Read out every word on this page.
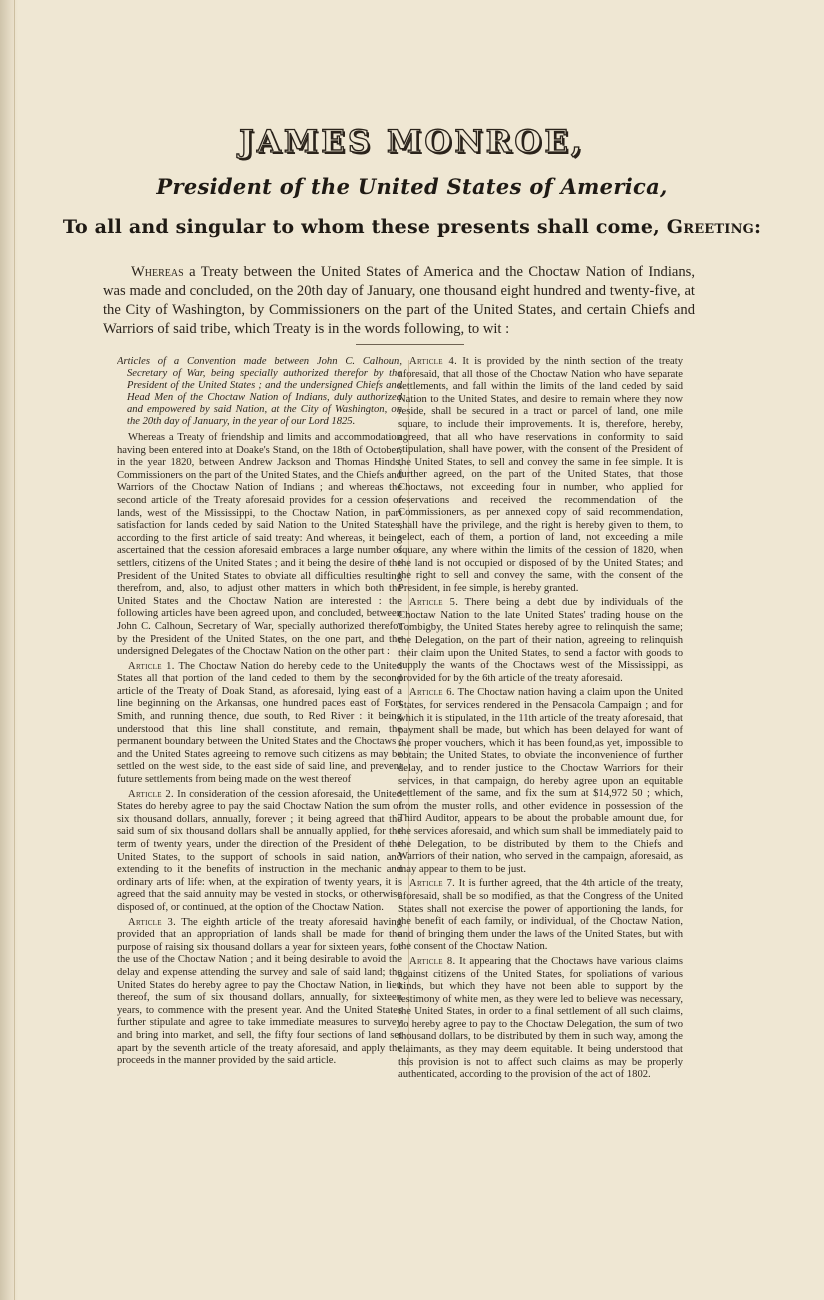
JAMES MONROE,
President of the United States of America,
To all and singular to whom these presents shall come, Greeting:

Whereas a Treaty between the United States of America and the Choctaw Nation of Indians, was made and concluded, on the 20th day of January, one thousand eight hundred and twenty-five, at the City of Washington, by Commissioners on the part of the United States, and certain Chiefs and Warriors of said tribe, which Treaty is in the words following, to wit :

Articles of a Convention made between John C. Calhoun, Secretary of War, being specially authorized therefor by the President of the United States ; and the undersigned Chiefs and Head Men of the Choctaw Nation of Indians, duly authorized and empowered by said Nation, at the City of Washington, on the 20th day of January, in the year of our Lord 1825.

Whereas a Treaty of friendship and limits and accommodation having been entered into at Doake's Stand, on the 18th of October, in the year 1820, between Andrew Jackson and Thomas Hinds, Commissioners on the part of the United States, and the Chiefs and Warriors of the Choctaw Nation of Indians ; and whereas the second article of the Treaty aforesaid provides for a cession of lands, west of the Mississippi, to the Choctaw Nation, in part satisfaction for lands ceded by said Nation to the United States, according to the first article of said treaty: And whereas, it being ascertained that the cession aforesaid embraces a large number of settlers, citizens of the United States ; and it being the desire of the President of the United States to obviate all difficulties resulting therefrom, and, also, to adjust other matters in which both the United States and the Choctaw Nation are interested : the following articles have been agreed upon, and concluded, between John C. Calhoun, Secretary of War, specially authorized therefor by the President of the United States, on the one part, and the undersigned Delegates of the Choctaw Nation on the other part :

Article 1. The Choctaw Nation do hereby cede to the United States all that portion of the land ceded to them by the second article of the Treaty of Doak Stand, as aforesaid, lying east of a line beginning on the Arkansas, one hundred paces east of Fort Smith, and running thence, due south, to Red River : it being understood that this line shall constitute, and remain, the permanent boundary between the United States and the Choctaws ; and the United States agreeing to remove such citizens as may be settled on the west side, to the east side of said line, and prevent future settlements from being made on the west thereof

Article 2. In consideration of the cession aforesaid, the United States do hereby agree to pay the said Choctaw Nation the sum of six thousand dollars, annually, forever ; it being agreed that the said sum of six thousand dollars shall be annually applied, for the term of twenty years, under the direction of the President of the United States, to the support of schools in said nation, and extending to it the benefits of instruction in the mechanic and ordinary arts of life: when, at the expiration of twenty years, it is agreed that the said annuity may be vested in stocks, or otherwise disposed of, or continued, at the option of the Choctaw Nation.

Article 3. The eighth article of the treaty aforesaid having provided that an appropriation of lands shall be made for the purpose of raising six thousand dollars a year for sixteen years, for the use of the Choctaw Nation ; and it being desirable to avoid the delay and expense attending the survey and sale of said land; the United States do hereby agree to pay the Choctaw Nation, in lieu thereof, the sum of six thousand dollars, annually, for sixteen years, to commence with the present year. And the United States further stipulate and agree to take immediate measures to survey and bring into market, and sell, the fifty four sections of land set apart by the seventh article of the treaty aforesaid, and apply the proceeds in the manner provided by the said article.

Article 4. It is provided by the ninth section of the treaty aforesaid, that all those of the Choctaw Nation who have separate settlements, and fall within the limits of the land ceded by said Nation to the United States, and desire to remain where they now reside, shall be secured in a tract or parcel of land, one mile square, to include their improvements. It is, therefore, hereby, agreed, that all who have reservations in conformity to said stipulation, shall have power, with the consent of the President of the United States, to sell and convey the same in fee simple. It is further agreed, on the part of the United States, that those Choctaws, not exceeding four in number, who applied for reservations and received the recommendation of the Commissioners, as per annexed copy of said recommendation, shall have the privilege, and the right is hereby given to them, to select, each of them, a portion of land, not exceeding a mile square, any where within the limits of the cession of 1820, when the land is not occupied or disposed of by the United States; and the right to sell and convey the same, with the consent of the President, in fee simple, is hereby granted.

Article 5. There being a debt due by individuals of the Choctaw Nation to the late United States' trading house on the Tombigby, the United States hereby agree to relinquish the same; the Delegation, on the part of their nation, agreeing to relinquish their claim upon the United States, to send a factor with goods to supply the wants of the Choctaws west of the Mississippi, as provided for by the 6th article of the treaty aforesaid.

Article 6. The Choctaw nation having a claim upon the United States, for services rendered in the Pensacola Campaign ; and for which it is stipulated, in the 11th article of the treaty aforesaid, that payment shall be made, but which has been delayed for want of the proper vouchers, which it has been found,as yet, impossible to obtain; the United States, to obviate the inconvenience of further delay, and to render justice to the Choctaw Warriors for their services, in that campaign, do hereby agree upon an equitable settlement of the same, and fix the sum at $14,972 50 ; which, from the muster rolls, and other evidence in possession of the Third Auditor, appears to be about the probable amount due, for the services aforesaid, and which sum shall be immediately paid to the Delegation, to be distributed by them to the Chiefs and Warriors of their nation, who served in the campaign, aforesaid, as may appear to them to be just.

Article 7. It is further agreed, that the 4th article of the treaty, aforesaid, shall be so modified, as that the Congress of the United States shall not exercise the power of apportioning the lands, for the benefit of each family, or individual, of the Choctaw Nation, and of bringing them under the laws of the United States, but with the consent of the Choctaw Nation.

Article 8. It appearing that the Choctaws have various claims against citizens of the United States, for spoliations of various kinds, but which they have not been able to support by the testimony of white men, as they were led to believe was necessary, the United States, in order to a final settlement of all such claims, do hereby agree to pay to the Choctaw Delegation, the sum of two thousand dollars, to be distributed by them in such way, among the claimants, as they may deem equitable. It being understood that this provision is not to affect such claims as may be properly authenticated, according to the provision of the act of 1802.
